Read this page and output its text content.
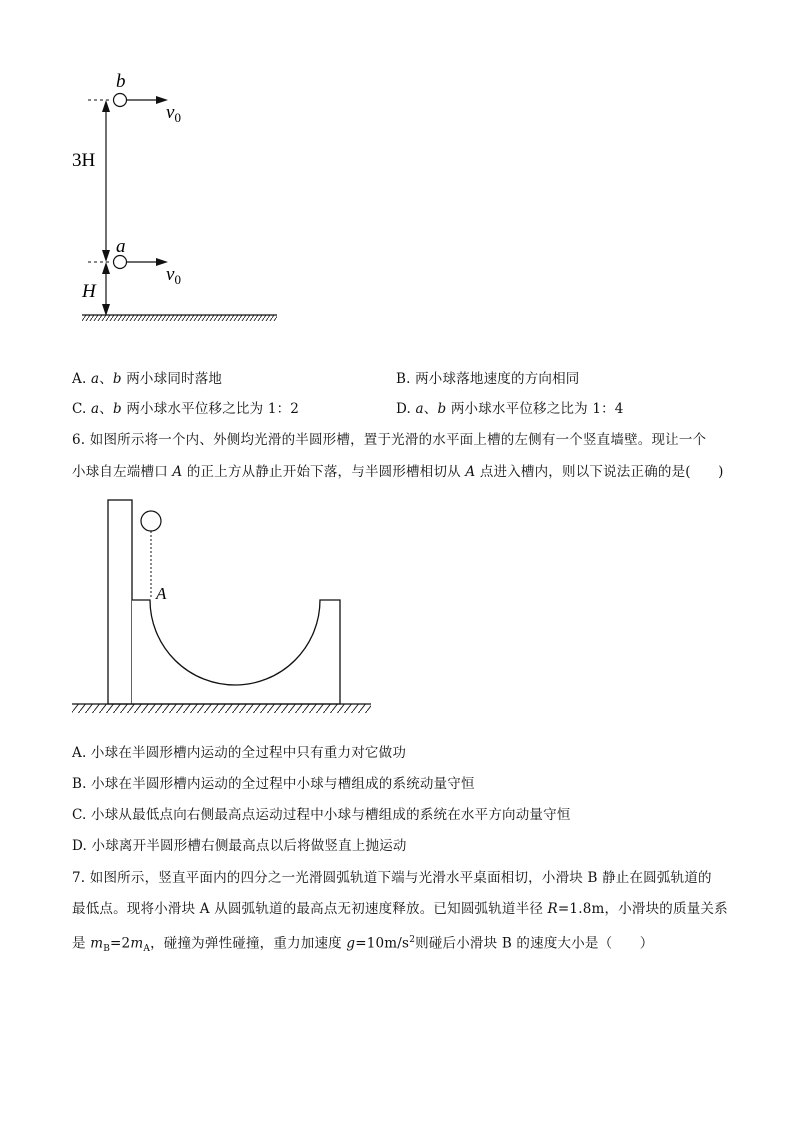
b
a
3H
H
$v_0$
$v_0$
A. a、b 两小球同时落地	B. 两小球落地速度的方向相同
C. a、b 两小球水平位移之比为 1：2	D. a、b 两小球水平位移之比为 1：4
6. 如图所示将一个内、外侧均光滑的半圆形槽，置于光滑的水平面上槽的左侧有一个竖直墙壁。现让一个
小球自左端槽口 A 的正上方从静止开始下落，与半圆形槽相切从 A 点进入槽内，则以下说法正确的是(　　)
A
A. 小球在半圆形槽内运动的全过程中只有重力对它做功
B. 小球在半圆形槽内运动的全过程中小球与槽组成的系统动量守恒
C. 小球从最低点向右侧最高点运动过程中小球与槽组成的系统在水平方向动量守恒
D. 小球离开半圆形槽右侧最高点以后将做竖直上抛运动
7. 如图所示，竖直平面内的四分之一光滑圆弧轨道下端与光滑水平桌面相切，小滑块 B 静止在圆弧轨道的
最低点。现将小滑块 A 从圆弧轨道的最高点无初速度释放。已知圆弧轨道半径 R=1.8m，小滑块的质量关系
是 $m_B=2m_A$，碰撞为弹性碰撞，重力加速度 $g=10m/s^2$则碰后小滑块 B 的速度大小是（　　）
